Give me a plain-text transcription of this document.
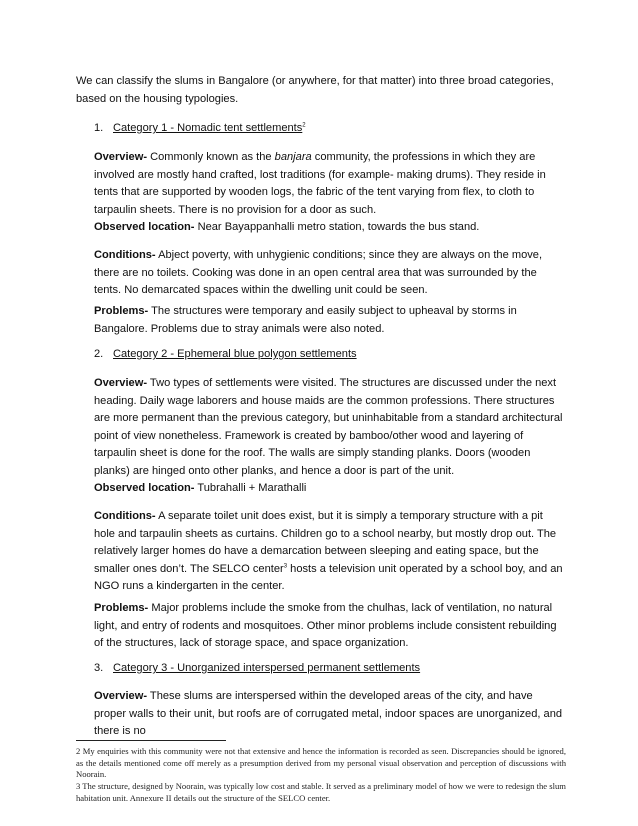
We can classify the slums in Bangalore (or anywhere, for that matter) into three broad categories, based on the housing typologies.

1. Category 1 - Nomadic tent settlements$^2$

Overview- Commonly known as the banjara community, the professions in which they are involved are mostly hand crafted, lost traditions (for example- making drums). They reside in tents that are supported by wooden logs, the fabric of the tent varying from flex, to cloth to tarpaulin sheets. There is no provision for a door as such.

Observed location- Near Bayappanhalli metro station, towards the bus stand.

Conditions- Abject poverty, with unhygienic conditions; since they are always on the move, there are no toilets. Cooking was done in an open central area that was surrounded by the tents. No demarcated spaces within the dwelling unit could be seen.

Problems- The structures were temporary and easily subject to upheaval by storms in Bangalore. Problems due to stray animals were also noted.

2. Category 2 - Ephemeral blue polygon settlements

Overview- Two types of settlements were visited. The structures are discussed under the next heading. Daily wage laborers and house maids are the common professions. There structures are more permanent than the previous category, but uninhabitable from a standard architectural point of view nonetheless. Framework is created by bamboo/other wood and layering of tarpaulin sheet is done for the roof. The walls are simply standing planks. Doors (wooden planks) are hinged onto other planks, and hence a door is part of the unit.

Observed location- Tubrahalli + Marathalli

Conditions- A separate toilet unit does exist, but it is simply a temporary structure with a pit hole and tarpaulin sheets as curtains. Children go to a school nearby, but mostly drop out. The relatively larger homes do have a demarcation between sleeping and eating space, but the smaller ones don’t. The SELCO center$^3$ hosts a television unit operated by a school boy, and an NGO runs a kindergarten in the center.

Problems- Major problems include the smoke from the chulhas, lack of ventilation, no natural light, and entry of rodents and mosquitoes. Other minor problems include consistent rebuilding of the structures, lack of storage space, and space organization.

3. Category 3 - Unorganized interspersed permanent settlements

Overview- These slums are interspersed within the developed areas of the city, and have proper walls to their unit, but roofs are of corrugated metal, indoor spaces are unorganized, and there is no

2 My enquiries with this community were not that extensive and hence the information is recorded as seen. Discrepancies should be ignored, as the details mentioned come off merely as a presumption derived from my personal visual observation and perception of discussions with Noorain.

3 The structure, designed by Noorain, was typically low cost and stable. It served as a preliminary model of how we were to redesign the slum habitation unit. Annexure II details out the structure of the SELCO center.
